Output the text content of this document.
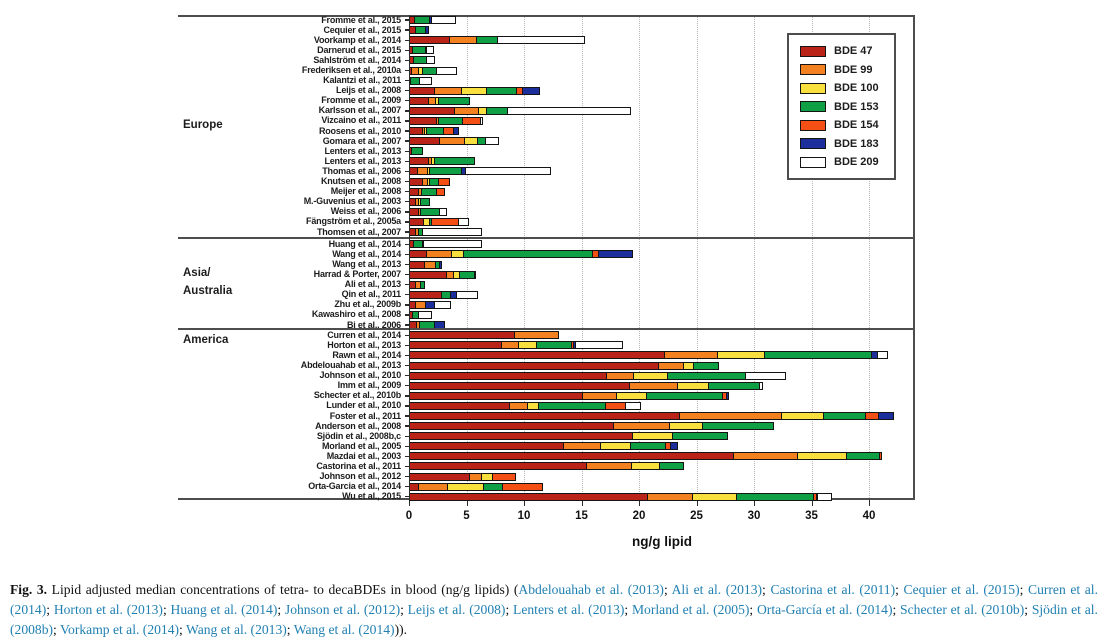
Europe
Asia/
Australia
America
Fromme et al., 2015
Cequier et al., 2015
Voorkamp et al., 2014
Darnerud et al., 2015
Sahlström et al., 2014
Frederiksen et al., 2010a
Kalantzi et al., 2011
Leijs et al., 2008
Fromme et al., 2009
Karlsson et al., 2007
Vizcaino et al., 2011
Roosens et al., 2010
Gomara et al., 2007
Lenters et al., 2013
Lenters et al., 2013
Thomas et al., 2006
Knutsen et al., 2008
Meijer et al., 2008
M.-Guvenius et al., 2003
Weiss et al., 2006
Fängström et al., 2005a
Thomsen et al., 2007
Huang et al., 2014
Wang et al., 2014
Wang et al., 2013
Harrad & Porter, 2007
Ali et al., 2013
Qin et al., 2011
Zhu et al., 2009b
Kawashiro et al., 2008
Bi et al., 2006
Curren et al., 2014
Horton et al., 2013
Rawn et al., 2014
Abdelouahab et al., 2013
Johnson et al., 2010
Imm et al., 2009
Schecter et al., 2010b
Lunder et al., 2010
Foster et al., 2011
Anderson et al., 2008
Sjödin et al., 2008b,c
Morland et al., 2005
Mazdai et al., 2003
Castorina et al., 2011
Johnson et al., 2012
Orta-Garcia et al., 2014
Wu et al., 2015
0	5	10	15	20	25	30	35	40
ng/g lipid
BDE 47
BDE 99
BDE 100
BDE 153
BDE 154
BDE 183
BDE 209

Fig. 3. Lipid adjusted median concentrations of tetra- to decaBDEs in blood (ng/g lipids) (Abdelouahab et al. (2013); Ali et al. (2013); Castorina et al. (2011); Cequier et al. (2015); Curren et al. (2014); Horton et al. (2013); Huang et al. (2014); Johnson et al. (2012); Leijs et al. (2008); Lenters et al. (2013); Morland et al. (2005); Orta-García et al. (2014); Schecter et al. (2010b); Sjödin et al. (2008b); Vorkamp et al. (2014); Wang et al. (2013); Wang et al. (2014))).
